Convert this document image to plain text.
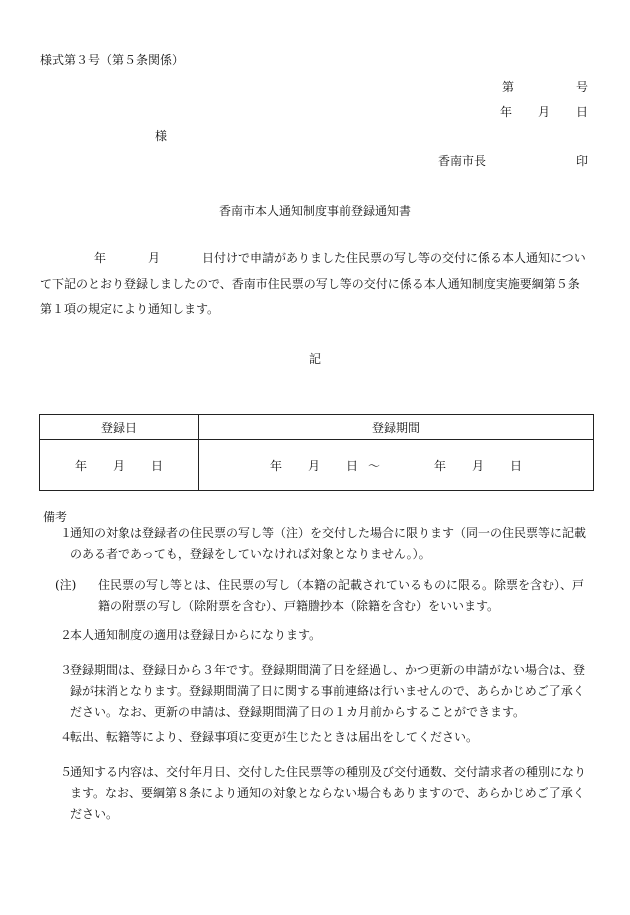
様式第３号（第５条関係）
第	号
年 月 日
様
香南市長	印
香南市本人通知制度事前登録通知書
年	月	日付けで申請がありました住民票の写し等の交付に係る本人通知について下記のとおり登録しましたので、香南市住民票の写し等の交付に係る本人通知制度実施要綱第５条第１項の規定により通知します。
記
登録日	登録期間
年 月 日	年 月 日 ～ 年 月 日
備考
１
通知の対象は登録者の住民票の写し等（注）を交付した場合に限ります（同一の住民票等に記載のある者であっても，登録をしていなければ対象となりません。）。
(注) 住民票の写し等とは、住民票の写し（本籍の記載されているものに限る。除票を含む）、戸籍の附票の写し（除附票を含む）、戸籍謄抄本（除籍を含む）をいいます。
２
本人通知制度の適用は登録日からになります。
３
登録期間は、登録日から３年です。登録期間満了日を経過し、かつ更新の申請がない場合は、登録が抹消となります。登録期間満了日に関する事前連絡は行いませんので、あらかじめご了承ください。なお、更新の申請は、登録期間満了日の１カ月前からすることができます。
４
転出、転籍等により、登録事項に変更が生じたときは届出をしてください。
５
通知する内容は、交付年月日、交付した住民票等の種別及び交付通数、交付請求者の種別になります。なお、要綱第８条により通知の対象とならない場合もありますので、あらかじめご了承ください。
